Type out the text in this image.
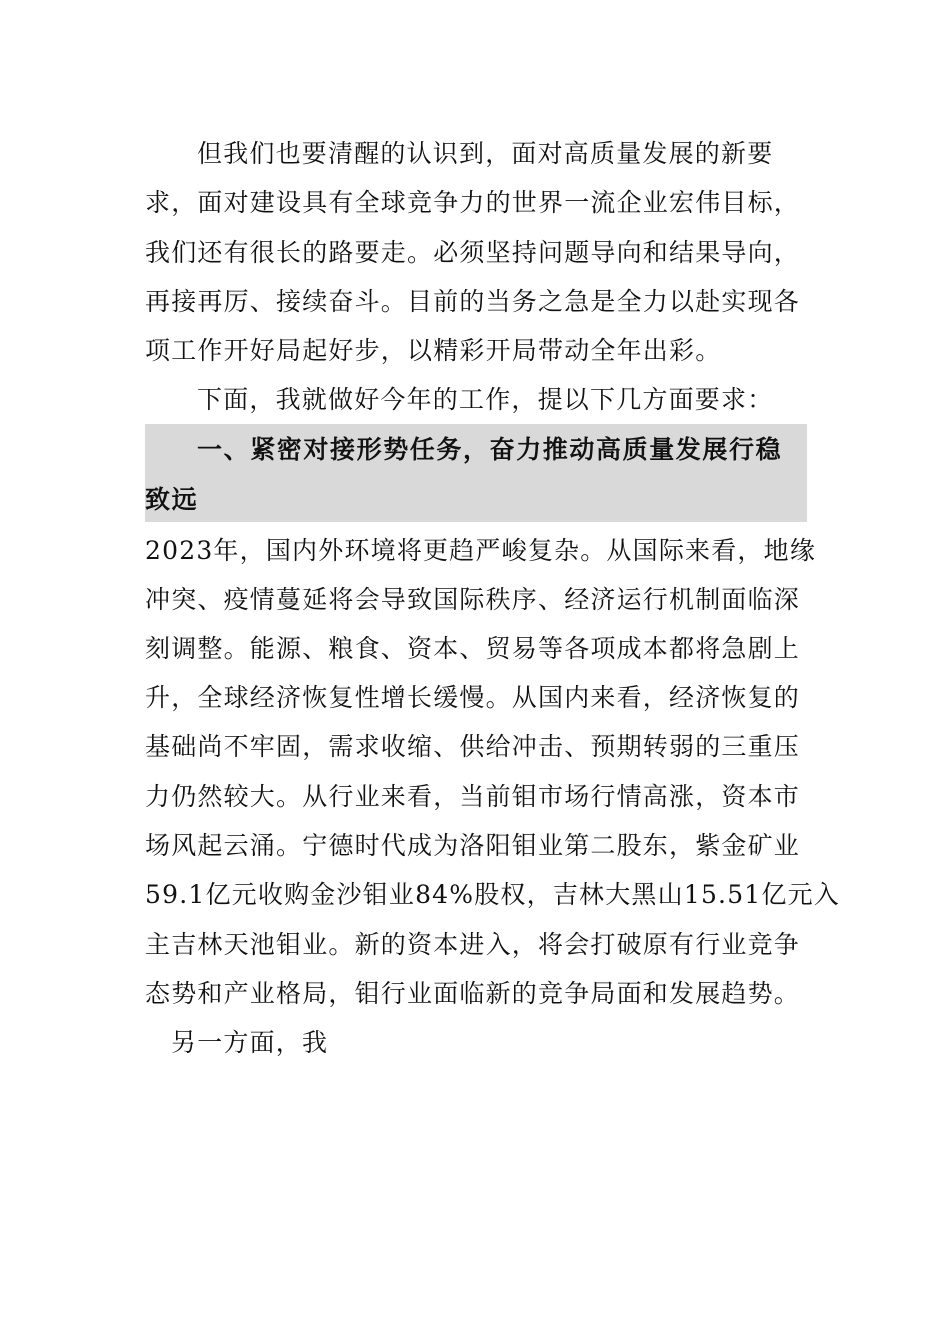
但我们也要清醒的认识到，面对高质量发展的新要
求，面对建设具有全球竞争力的世界一流企业宏伟目标，
我们还有很长的路要走。必须坚持问题导向和结果导向，
再接再厉、接续奋斗。目前的当务之急是全力以赴实现各
项工作开好局起好步，以精彩开局带动全年出彩。
下面，我就做好今年的工作，提以下几方面要求：
一、紧密对接形势任务，奋力推动高质量发展行稳
致远
2023年，国内外环境将更趋严峻复杂。从国际来看，地缘
冲突、疫情蔓延将会导致国际秩序、经济运行机制面临深
刻调整。能源、粮食、资本、贸易等各项成本都将急剧上
升，全球经济恢复性增长缓慢。从国内来看，经济恢复的
基础尚不牢固，需求收缩、供给冲击、预期转弱的三重压
力仍然较大。从行业来看，当前钼市场行情高涨，资本市
场风起云涌。宁德时代成为洛阳钼业第二股东，紫金矿业
59.1亿元收购金沙钼业84%股权，吉林大黑山15.51亿元入
主吉林天池钼业。新的资本进入，将会打破原有行业竞争
态势和产业格局，钼行业面临新的竞争局面和发展趋势。
另一方面，我
